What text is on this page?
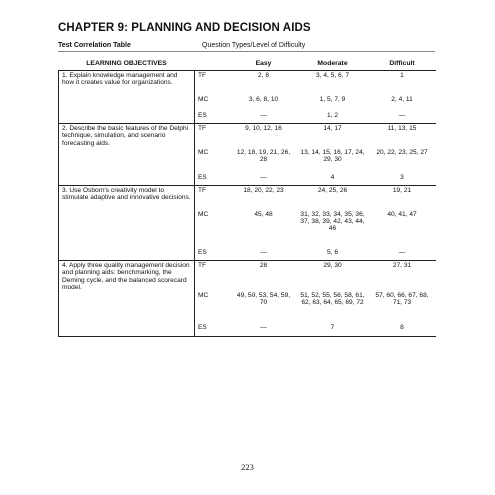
CHAPTER 9: PLANNING AND DECISION AIDS
Test Correlation Table	Question Types/Level of Difficulty
LEARNING OBJECTIVES		Easy	Moderate	Difficult
1. Explain knowledge management and how it creates value for organizations.	TF	2, 8	3, 4, 5, 6, 7	1
	MC	3, 6, 8, 10	1, 5, 7, 9	2, 4, 11
	ES	—	1, 2	—
2. Describe the basic features of the Delphi technique, simulation, and scenario forecasting aids.	TF	9, 10, 12, 16	14, 17	11, 13, 15
	MC	12, 18, 19, 21, 26, 28	13, 14, 15, 16, 17, 24, 29, 30	20, 22, 23, 25, 27
	ES	—	4	3
3. Use Osborn's creativity model to stimulate adaptive and innovative decisions.	TF	18, 20, 22, 23	24, 25, 26	19, 21
	MC	45, 48	31, 32, 33, 34, 35, 36, 37, 38, 39, 42, 43, 44, 46	40, 41, 47
	ES	—	5, 6	—
4. Apply three quality management decision and planning aids: benchmarking, the Deming cycle, and the balanced scorecard model.	TF	28	29, 30	27, 31
	MC	49, 50, 53, 54, 59, 70	51, 52, 55, 56, 58, 61, 62, 63, 64, 65, 69, 72	57, 60, 66, 67, 68, 71, 73
	ES	—	7	8
223
